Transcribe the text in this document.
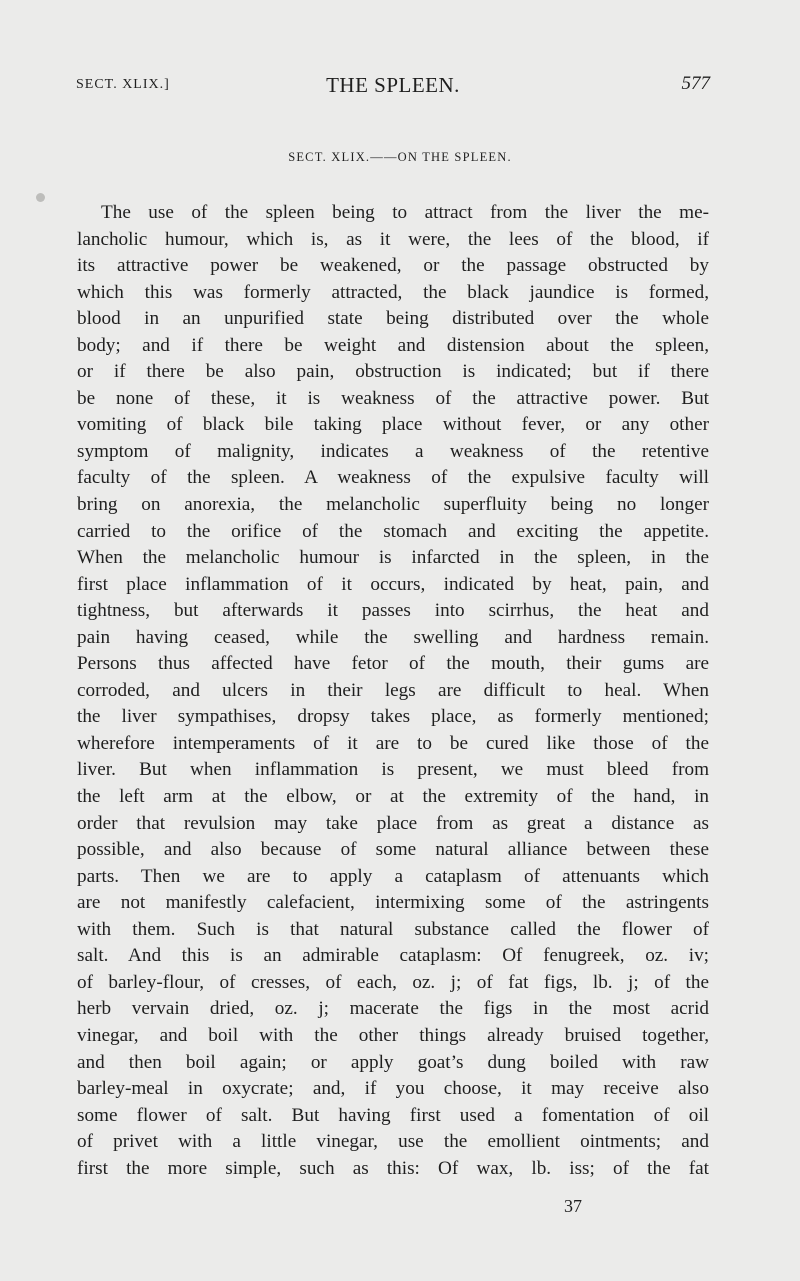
SECT. XLIX.]	THE SPLEEN.	577
SECT. XLIX.——ON THE SPLEEN.
The use of the spleen being to attract from the liver the me-
lancholic humour, which is, as it were, the lees of the blood, if
its attractive power be weakened, or the passage obstructed by
which this was formerly attracted, the black jaundice is formed,
blood in an unpurified state being distributed over the whole
body; and if there be weight and distension about the spleen,
or if there be also pain, obstruction is indicated; but if there
be none of these, it is weakness of the attractive power. But
vomiting of black bile taking place without fever, or any other
symptom of malignity, indicates a weakness of the retentive
faculty of the spleen. A weakness of the expulsive faculty will
bring on anorexia, the melancholic superfluity being no longer
carried to the orifice of the stomach and exciting the appetite.
When the melancholic humour is infarcted in the spleen, in the
first place inflammation of it occurs, indicated by heat, pain, and
tightness, but afterwards it passes into scirrhus, the heat and
pain having ceased, while the swelling and hardness remain.
Persons thus affected have fetor of the mouth, their gums are
corroded, and ulcers in their legs are difficult to heal. When
the liver sympathises, dropsy takes place, as formerly mentioned;
wherefore intemperaments of it are to be cured like those of the
liver. But when inflammation is present, we must bleed from
the left arm at the elbow, or at the extremity of the hand, in
order that revulsion may take place from as great a distance as
possible, and also because of some natural alliance between these
parts. Then we are to apply a cataplasm of attenuants which
are not manifestly calefacient, intermixing some of the astringents
with them. Such is that natural substance called the flower of
salt. And this is an admirable cataplasm: Of fenugreek, oz. iv;
of barley-flour, of cresses, of each, oz. j; of fat figs, lb. j; of the
herb vervain dried, oz. j; macerate the figs in the most acrid
vinegar, and boil with the other things already bruised together,
and then boil again; or apply goat’s dung boiled with raw
barley-meal in oxycrate; and, if you choose, it may receive also
some flower of salt. But having first used a fomentation of oil
of privet with a little vinegar, use the emollient ointments; and
first the more simple, such as this: Of wax, lb. iss; of the fat
37
